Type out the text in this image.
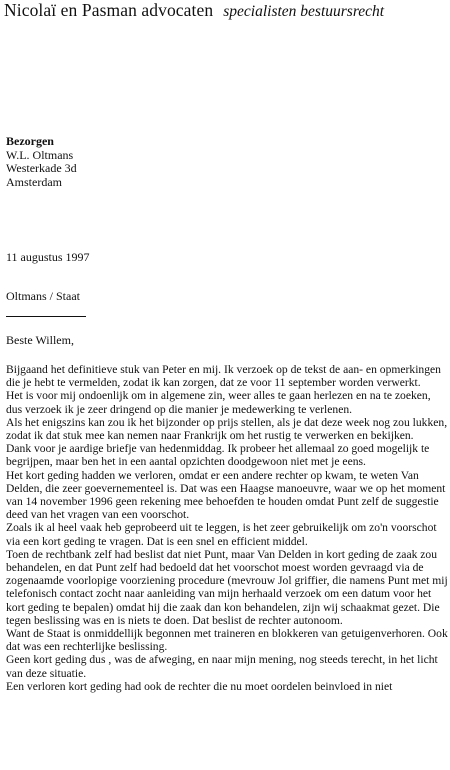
Nicolaï en Pasman advocaten specialisten bestuursrecht
Bezorgen
W.L. Oltmans
Westerkade 3d
Amsterdam
11 augustus 1997
Oltmans / Staat
Beste Willem,

Bijgaand het definitieve stuk van Peter en mij. Ik verzoek op de tekst de aan- en opmerkingen die je hebt te vermelden, zodat ik kan zorgen, dat ze voor 11 september worden verwerkt.

Het is voor mij ondoenlijk om in algemene zin, weer alles te gaan herlezen en na te zoeken, dus verzoek ik je zeer dringend op die manier je medewerking te verlenen.

Als het enigszins kan zou ik het bijzonder op prijs stellen, als je dat deze week nog zou lukken, zodat ik dat stuk mee kan nemen naar Frankrijk om het rustig te verwerken en bekijken.

Dank voor je aardige briefje van hedenmiddag. Ik probeer het allemaal zo goed mogelijk te begrijpen, maar ben het in een aantal opzichten doodgewoon niet met je eens.

Het kort geding hadden we verloren, omdat er een andere rechter op kwam, te weten Van Delden, die zeer goevernementeel is. Dat was een Haagse manoeuvre, waar we op het moment van 14 november 1996 geen rekening mee behoefden te houden omdat Punt zelf de suggestie deed van het vragen van een voorschot.

Zoals ik al heel vaak heb geprobeerd uit te leggen, is het zeer gebruikelijk om zo'n voorschot via een kort geding te vragen. Dat is een snel en efficient middel.

Toen de rechtbank zelf had beslist dat niet Punt, maar Van Delden in kort geding de zaak zou behandelen, en dat Punt zelf had bedoeld dat het voorschot moest worden gevraagd via de zogenaamde voorlopige voorziening procedure (mevrouw Jol griffier, die namens Punt met mij telefonisch contact zocht naar aanleiding van mijn herhaald verzoek om een datum voor het kort geding te bepalen) omdat hij die zaak dan kon behandelen, zijn wij schaakmat gezet. Die tegen beslissing was en is niets te doen. Dat beslist de rechter autonoom.

Want de Staat is onmiddellijk begonnen met traineren en blokkeren van getuigenverhoren. Ook dat was een rechterlijke beslissing.

Geen kort geding dus , was de afweging, en naar mijn mening, nog steeds terecht, in het licht van deze situatie.

Een verloren kort geding had ook de rechter die nu moet oordelen beinvloed in niet
